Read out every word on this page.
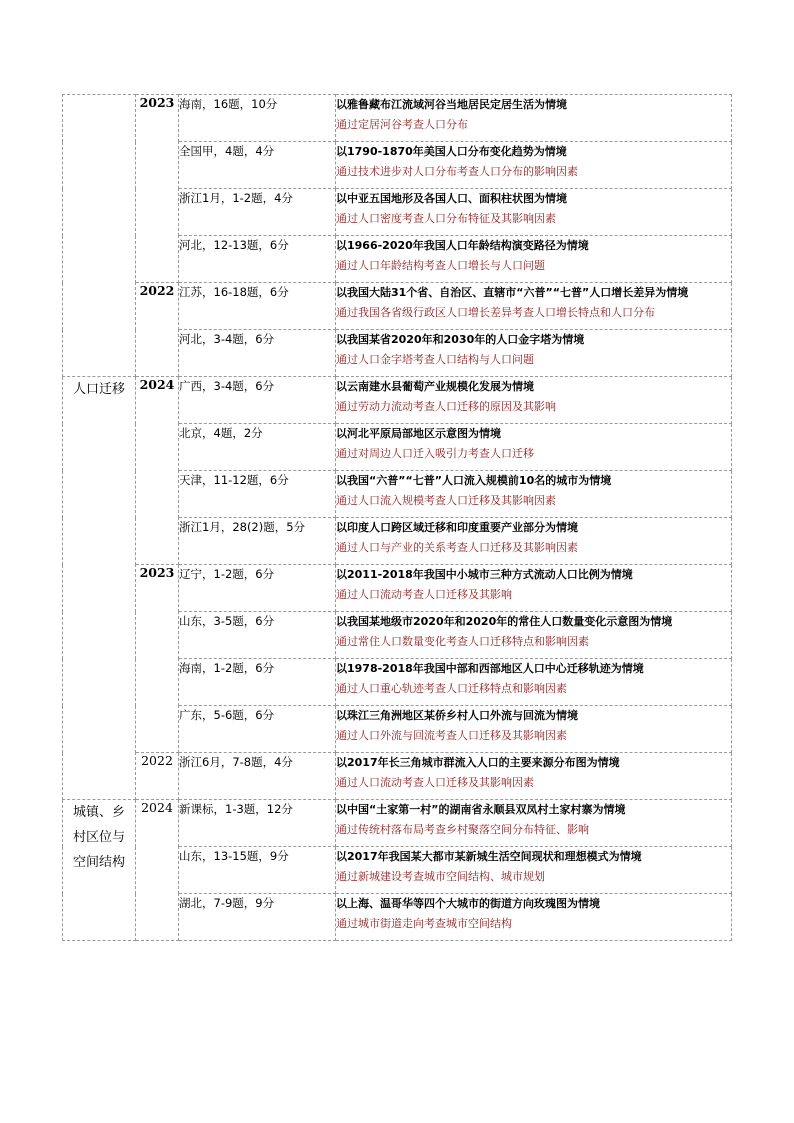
	2023	海南，16题，10分	以雅鲁藏布江流域河谷当地居民定居生活为情境
通过定居河谷考查人口分布

		全国甲，4题，4分	以1790-1870年美国人口分布变化趋势为情境
通过技术进步对人口分布考查人口分布的影响因素

		浙江1月，1-2题，4分	以中亚五国地形及各国人口、面积柱状图为情境
通过人口密度考查人口分布特征及其影响因素

		河北，12-13题，6分	以1966-2020年我国人口年龄结构演变路径为情境
通过人口年龄结构考查人口增长与人口问题

	2022	江苏，16-18题，6分	以我国大陆31个省、自治区、直辖市“六普”“七普”人口增长差异为情境
通过我国各省级行政区人口增长差异考查人口增长特点和人口分布

		河北，3-4题，6分	以我国某省2020年和2030年的人口金字塔为情境
通过人口金字塔考查人口结构与人口问题

人口迁移	2024	广西，3-4题，6分	以云南建水县葡萄产业规模化发展为情境
通过劳动力流动考查人口迁移的原因及其影响

		北京，4题，2分	以河北平原局部地区示意图为情境
通过对周边人口迁入吸引力考查人口迁移

		天津，11-12题，6分	以我国“六普”“七普”人口流入规模前10名的城市为情境
通过人口流入规模考查人口迁移及其影响因素

		浙江1月，28(2)题，5分	以印度人口跨区域迁移和印度重要产业部分为情境
通过人口与产业的关系考查人口迁移及其影响因素

	2023	辽宁，1-2题，6分	以2011-2018年我国中小城市三种方式流动人口比例为情境
通过人口流动考查人口迁移及其影响

		山东，3-5题，6分	以我国某地级市2020年和2020年的常住人口数量变化示意图为情境
通过常住人口数量变化考查人口迁移特点和影响因素

		海南，1-2题，6分	以1978-2018年我国中部和西部地区人口中心迁移轨迹为情境
通过人口重心轨迹考查人口迁移特点和影响因素

		广东，5-6题，6分	以珠江三角洲地区某侨乡村人口外流与回流为情境
通过人口外流与回流考查人口迁移及其影响因素

	2022	浙江6月，7-8题，4分	以2017年长三角城市群流入人口的主要来源分布图为情境
通过人口流动考查人口迁移及其影响因素

城镇、乡村区位与空间结构	2024	新课标，1-3题，12分	以中国“土家第一村”的湖南省永顺县双凤村土家村寨为情境
通过传统村落布局考查乡村聚落空间分布特征、影响

		山东，13-15题，9分	以2017年我国某大都市某新城生活空间现状和理想模式为情境
通过新城建设考查城市空间结构、城市规划

		湖北，7-9题，9分	以上海、温哥华等四个大城市的街道方向玫瑰图为情境
通过城市街道走向考查城市空间结构
